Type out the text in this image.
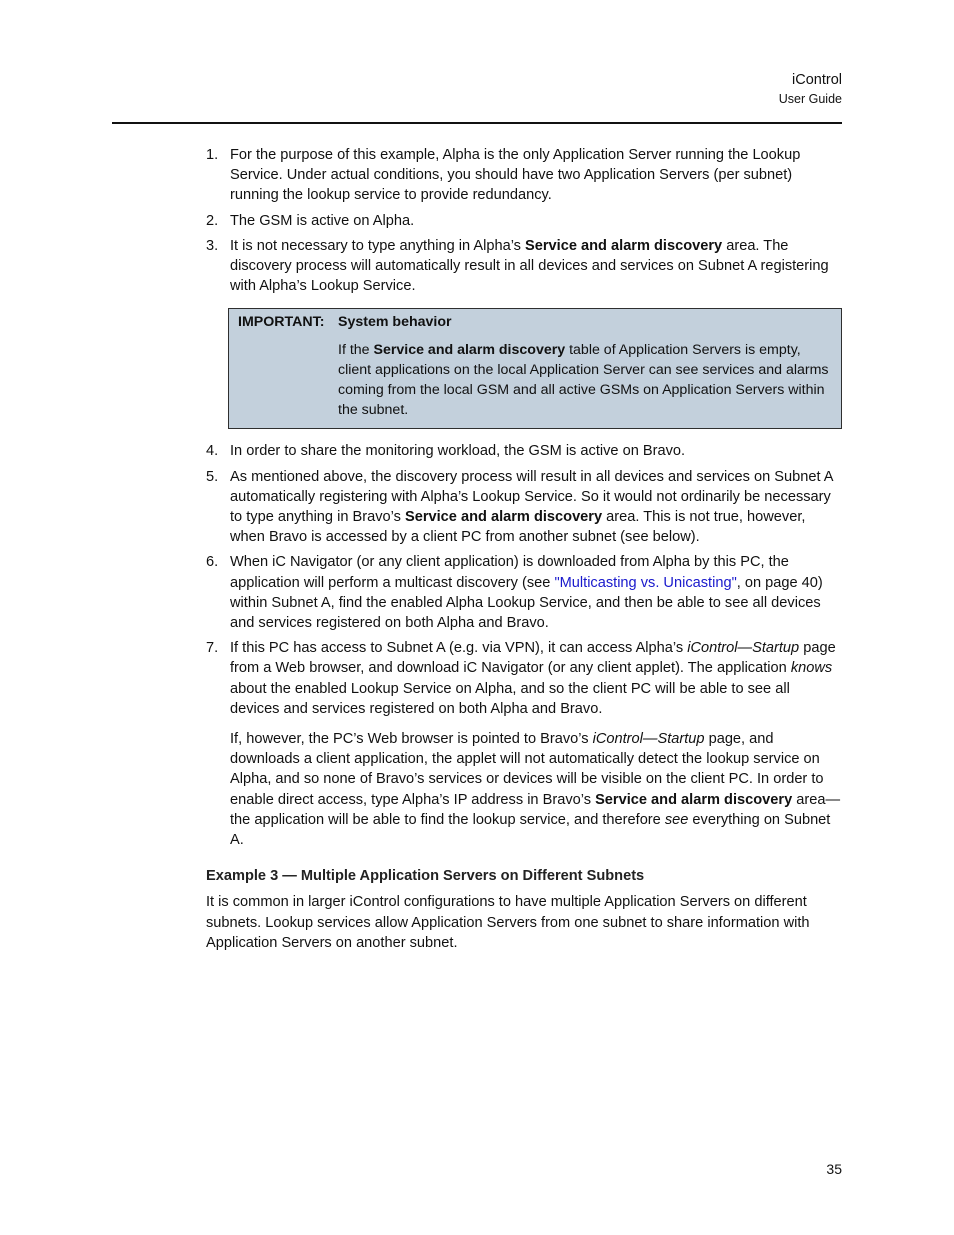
iControl
User Guide
1. For the purpose of this example, Alpha is the only Application Server running the Lookup Service. Under actual conditions, you should have two Application Servers (per subnet) running the lookup service to provide redundancy.

2. The GSM is active on Alpha.

3. It is not necessary to type anything in Alpha’s Service and alarm discovery area. The discovery process will automatically result in all devices and services on Subnet A registering with Alpha’s Lookup Service.

IMPORTANT: System behavior
If the Service and alarm discovery table of Application Servers is empty, client applications on the local Application Server can see services and alarms coming from the local GSM and all active GSMs on Application Servers within the subnet.
4. In order to share the monitoring workload, the GSM is active on Bravo.

5. As mentioned above, the discovery process will result in all devices and services on Subnet A automatically registering with Alpha’s Lookup Service. So it would not ordinarily be necessary to type anything in Bravo’s Service and alarm discovery area. This is not true, however, when Bravo is accessed by a client PC from another subnet (see below).

6. When iC Navigator (or any client application) is downloaded from Alpha by this PC, the application will perform a multicast discovery (see "Multicasting vs. Unicasting", on page 40) within Subnet A, find the enabled Alpha Lookup Service, and then be able to see all devices and services registered on both Alpha and Bravo.

7. If this PC has access to Subnet A (e.g. via VPN), it can access Alpha’s iControl—Startup page from a Web browser, and download iC Navigator (or any client applet). The application knows about the enabled Lookup Service on Alpha, and so the client PC will be able to see all devices and services registered on both Alpha and Bravo.

If, however, the PC’s Web browser is pointed to Bravo’s iControl—Startup page, and downloads a client application, the applet will not automatically detect the lookup service on Alpha, and so none of Bravo’s services or devices will be visible on the client PC. In order to enable direct access, type Alpha’s IP address in Bravo’s Service and alarm discovery area—the application will be able to find the lookup service, and therefore see everything on Subnet A.

Example 3 — Multiple Application Servers on Different Subnets

It is common in larger iControl configurations to have multiple Application Servers on different subnets. Lookup services allow Application Servers from one subnet to share information with Application Servers on another subnet.

35
